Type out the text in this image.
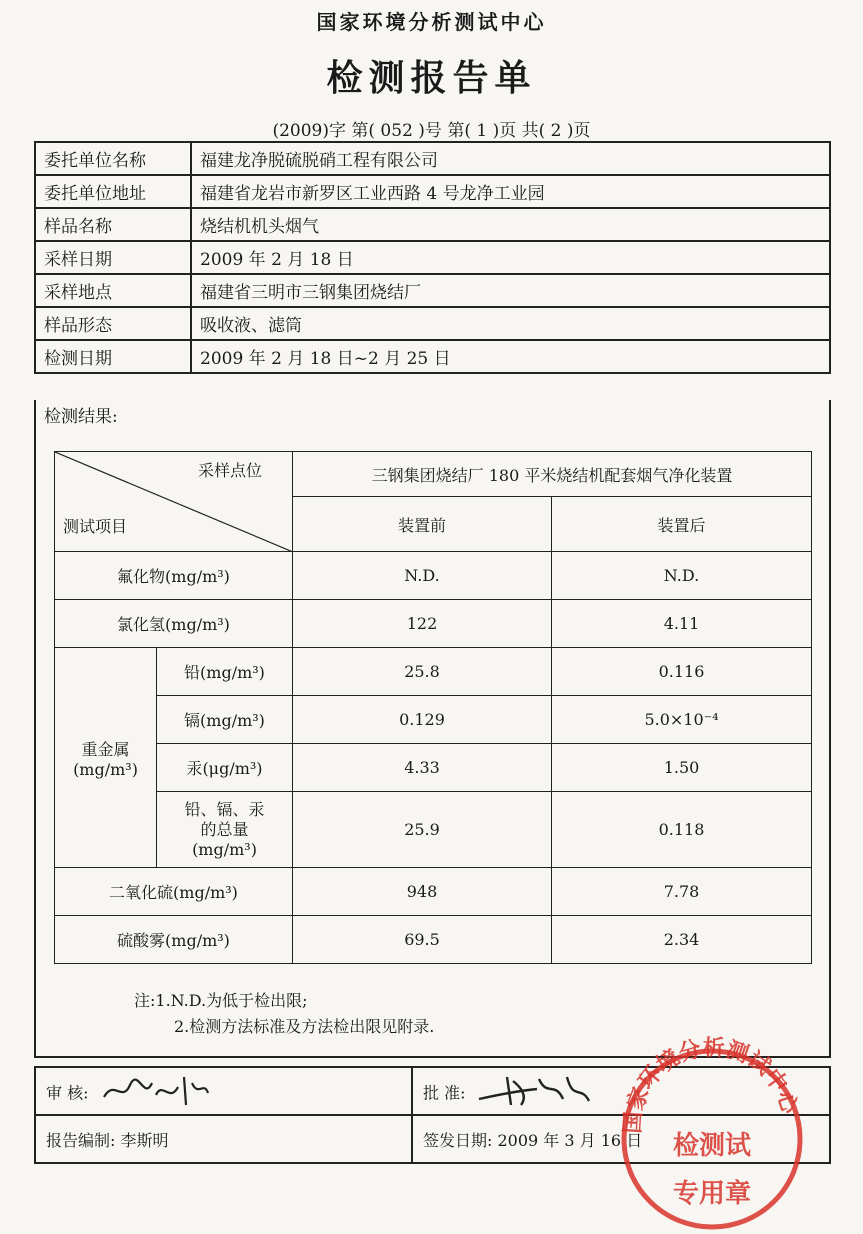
国家环境分析测试中心
检测报告单
(2009)字 第( 052 )号 第( 1 )页 共( 2 )页
委托单位名称	福建龙净脱硫脱硝工程有限公司
委托单位地址	福建省龙岩市新罗区工业西路 4 号龙净工业园
样品名称	烧结机机头烟气
采样日期	2009 年 2 月 18 日
采样地点	福建省三明市三钢集团烧结厂
样品形态	吸收液、滤筒
检测日期	2009 年 2 月 18 日~2 月 25 日
检测结果:
采样点位
测试项目		三钢集团烧结厂 180 平米烧结机配套烟气净化装置	
		装置前	装置后
氟化物(mg/m³)		N.D.	N.D.
氯化氢(mg/m³)		122	4.11

重金属
(mg/m³)	铅(mg/m³)	25.8	0.116
	镉(mg/m³)	0.129	5.0×10⁻⁴
	汞(μg/m³)	4.33	1.50

	铅、镉、汞
的总量
(mg/m³)	25.9	0.118
二氧化硫(mg/m³)		948	7.78
硫酸雾(mg/m³)		69.5	2.34
注:1.N.D.为低于检出限;
2.检测方法标准及方法检出限见附录.
审 核:	批 准:
报告编制: 李斯明	签发日期: 2009 年 3 月 16 日
国家环境分析测试中心
检测试
专用章
